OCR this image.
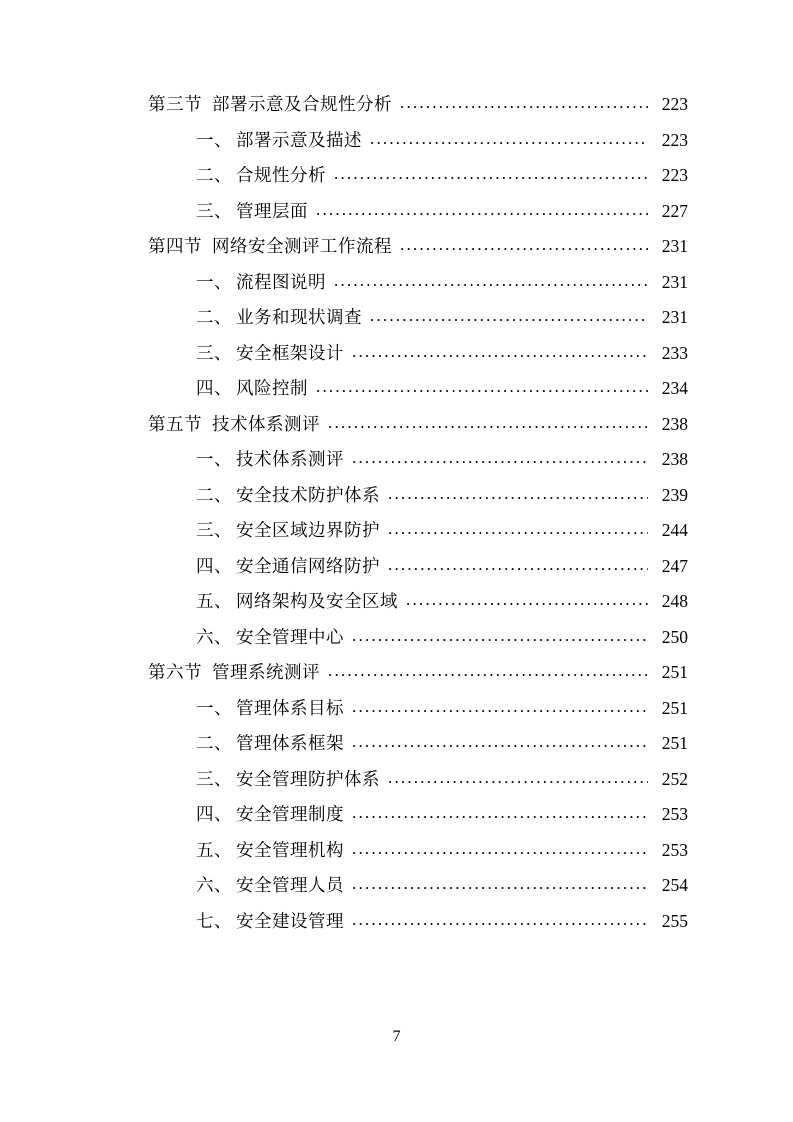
第三节 部署示意及合规性分析 .....	223
一、 部署示意及描述 .....	223
二、 合规性分析 .....	223
三、 管理层面 .....	227
第四节 网络安全测评工作流程 .....	231
一、 流程图说明 .....	231
二、 业务和现状调查 .....	231
三、 安全框架设计 .....	233
四、 风险控制 .....	234
第五节 技术体系测评 .....	238
一、 技术体系测评 .....	238
二、 安全技术防护体系 .....	239
三、 安全区域边界防护 .....	244
四、 安全通信网络防护 .....	247
五、 网络架构及安全区域 .....	248
六、 安全管理中心 .....	250
第六节 管理系统测评 .....	251
一、 管理体系目标 .....	251
二、 管理体系框架 .....	251
三、 安全管理防护体系 .....	252
四、 安全管理制度 .....	253
五、 安全管理机构 .....	253
六、 安全管理人员 .....	254
七、 安全建设管理 .....	255
7
